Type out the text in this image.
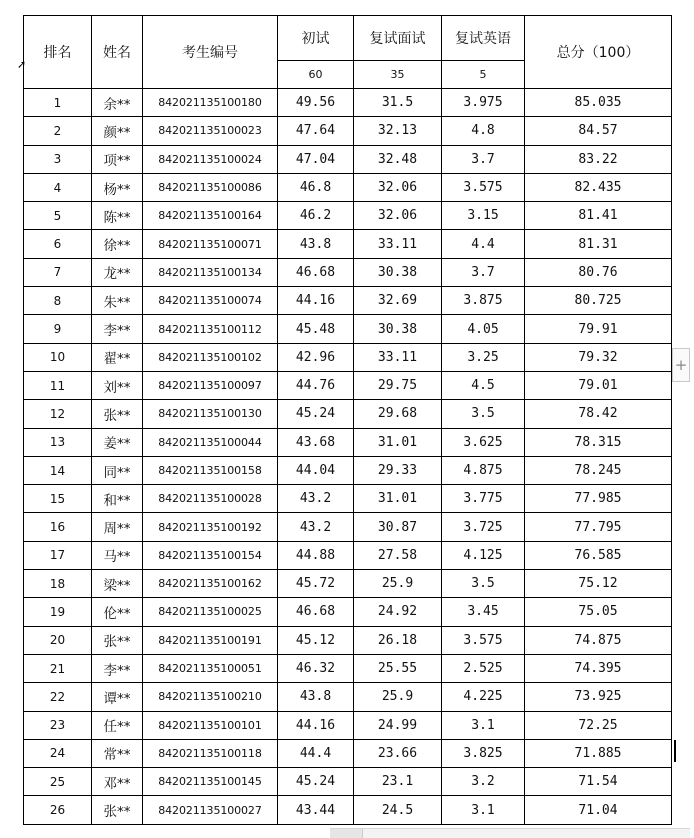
➚
排名	姓名	考生编号	初试	复试面试	复试英语	总分（100）
			60	35	5	
1	余**	842021135100180	49.56	31.5	3.975	85.035
2	颜**	842021135100023	47.64	32.13	4.8	84.57
3	项**	842021135100024	47.04	32.48	3.7	83.22
4	杨**	842021135100086	46.8	32.06	3.575	82.435
5	陈**	842021135100164	46.2	32.06	3.15	81.41
6	徐**	842021135100071	43.8	33.11	4.4	81.31
7	龙**	842021135100134	46.68	30.38	3.7	80.76
8	朱**	842021135100074	44.16	32.69	3.875	80.725
9	李**	842021135100112	45.48	30.38	4.05	79.91
10	翟**	842021135100102	42.96	33.11	3.25	79.32
11	刘**	842021135100097	44.76	29.75	4.5	79.01
12	张**	842021135100130	45.24	29.68	3.5	78.42
13	姜**	842021135100044	43.68	31.01	3.625	78.315
14	同**	842021135100158	44.04	29.33	4.875	78.245
15	和**	842021135100028	43.2	31.01	3.775	77.985
16	周**	842021135100192	43.2	30.87	3.725	77.795
17	马**	842021135100154	44.88	27.58	4.125	76.585
18	梁**	842021135100162	45.72	25.9	3.5	75.12
19	伦**	842021135100025	46.68	24.92	3.45	75.05
20	张**	842021135100191	45.12	26.18	3.575	74.875
21	李**	842021135100051	46.32	25.55	2.525	74.395
22	谭**	842021135100210	43.8	25.9	4.225	73.925
23	任**	842021135100101	44.16	24.99	3.1	72.25
24	常**	842021135100118	44.4	23.66	3.825	71.885
25	邓**	842021135100145	45.24	23.1	3.2	71.54
26	张**	842021135100027	43.44	24.5	3.1	71.04
+
